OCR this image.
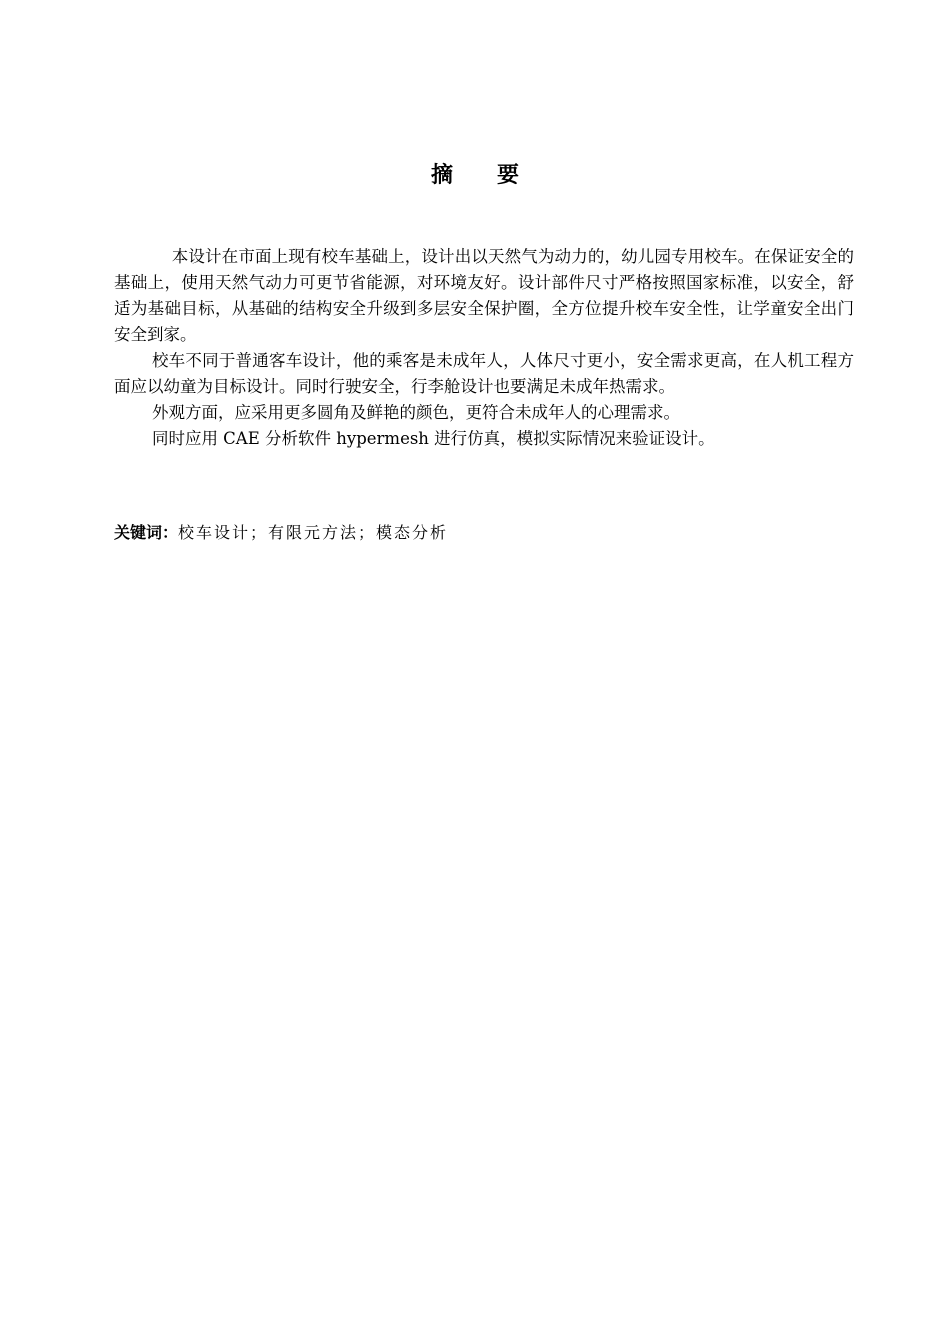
摘 要

本设计在市面上现有校车基础上，设计出以天然气为动力的，幼儿园专用校车。在保证安全的基础上，使用天然气动力可更节省能源，对环境友好。设计部件尺寸严格按照国家标准，以安全，舒适为基础目标，从基础的结构安全升级到多层安全保护圈，全方位提升校车安全性，让学童安全出门安全到家。

校车不同于普通客车设计，他的乘客是未成年人，人体尺寸更小，安全需求更高，在人机工程方面应以幼童为目标设计。同时行驶安全，行李舱设计也要满足未成年热需求。

外观方面，应采用更多圆角及鲜艳的颜色，更符合未成年人的心理需求。

同时应用 CAE 分析软件 hypermesh 进行仿真，模拟实际情况来验证设计。

关键词：校车设计；有限元方法；模态分析
